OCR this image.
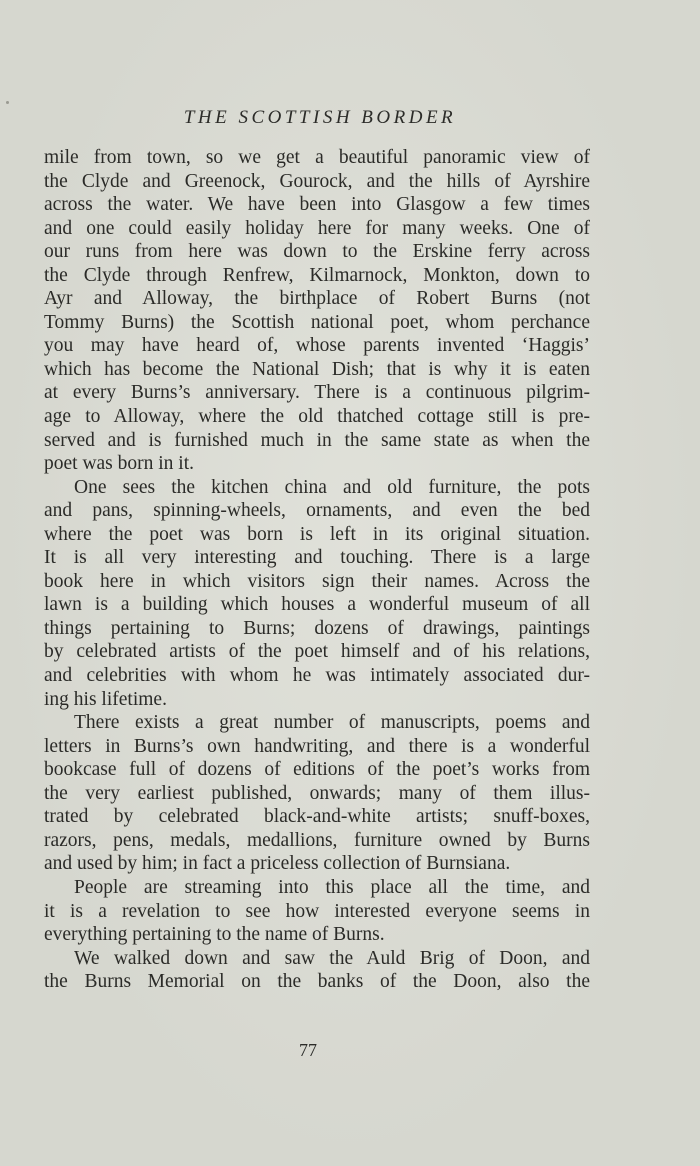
THE SCOTTISH BORDER
mile from town, so we get a beautiful panoramic view of
the Clyde and Greenock, Gourock, and the hills of Ayrshire
across the water. We have been into Glasgow a few times
and one could easily holiday here for many weeks. One of
our runs from here was down to the Erskine ferry across
the Clyde through Renfrew, Kilmarnock, Monkton, down to
Ayr and Alloway, the birthplace of Robert Burns (not
Tommy Burns) the Scottish national poet, whom perchance
you may have heard of, whose parents invented ‘Haggis’
which has become the National Dish; that is why it is eaten
at every Burns’s anniversary. There is a continuous pilgrim-
age to Alloway, where the old thatched cottage still is pre-
served and is furnished much in the same state as when the
poet was born in it.
One sees the kitchen china and old furniture, the pots
and pans, spinning-wheels, ornaments, and even the bed
where the poet was born is left in its original situation.
It is all very interesting and touching. There is a large
book here in which visitors sign their names. Across the
lawn is a building which houses a wonderful museum of all
things pertaining to Burns; dozens of drawings, paintings
by celebrated artists of the poet himself and of his relations,
and celebrities with whom he was intimately associated dur-
ing his lifetime.
There exists a great number of manuscripts, poems and
letters in Burns’s own handwriting, and there is a wonderful
bookcase full of dozens of editions of the poet’s works from
the very earliest published, onwards; many of them illus-
trated by celebrated black-and-white artists; snuff-boxes,
razors, pens, medals, medallions, furniture owned by Burns
and used by him; in fact a priceless collection of Burnsiana.
People are streaming into this place all the time, and
it is a revelation to see how interested everyone seems in
everything pertaining to the name of Burns.
We walked down and saw the Auld Brig of Doon, and
the Burns Memorial on the banks of the Doon, also the
77
